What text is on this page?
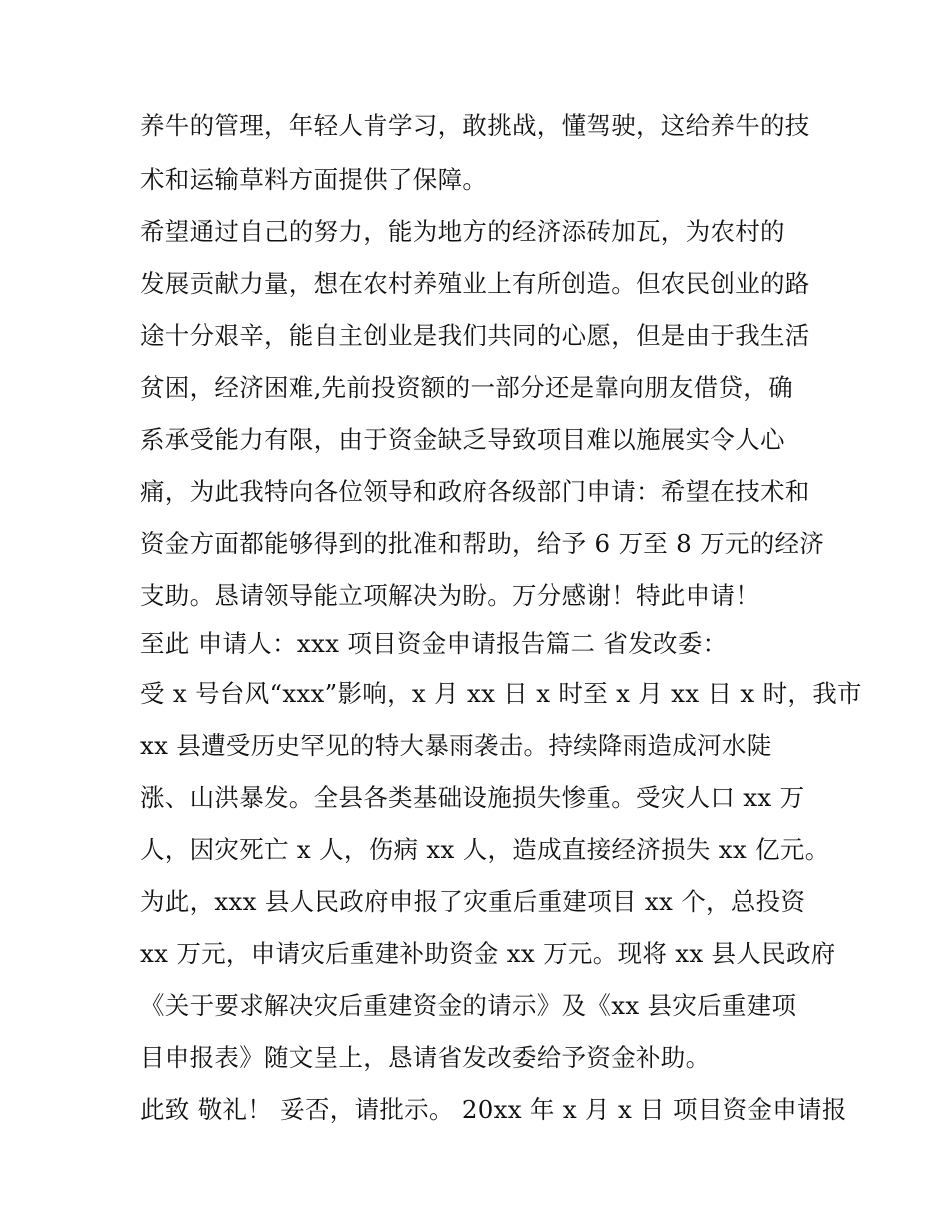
养牛的管理，年轻人肯学习，敢挑战，懂驾驶，这给养牛的技
术和运输草料方面提供了保障。
希望通过自己的努力，能为地方的经济添砖加瓦，为农村的
发展贡献力量，想在农村养殖业上有所创造。但农民创业的路
途十分艰辛，能自主创业是我们共同的心愿，但是由于我生活
贫困，经济困难,先前投资额的一部分还是靠向朋友借贷，确
系承受能力有限，由于资金缺乏导致项目难以施展实令人心
痛，为此我特向各位领导和政府各级部门申请：希望在技术和
资金方面都能够得到的批准和帮助，给予 6 万至 8 万元的经济
支助。恳请领导能立项解决为盼。万分感谢！特此申请！
至此 申请人：xxx 项目资金申请报告篇二 省发改委：
受 x 号台风“xxx”影响，x 月 xx 日 x 时至 x 月 xx 日 x 时，我市
xx 县遭受历史罕见的特大暴雨袭击。持续降雨造成河水陡
涨、山洪暴发。全县各类基础设施损失惨重。受灾人口 xx 万
人，因灾死亡 x 人，伤病 xx 人，造成直接经济损失 xx 亿元。
为此，xxx 县人民政府申报了灾重后重建项目 xx 个，总投资
xx 万元，申请灾后重建补助资金 xx 万元。现将 xx 县人民政府
《关于要求解决灾后重建资金的请示》及《xx 县灾后重建项
目申报表》随文呈上，恳请省发改委给予资金补助。
此致 敬礼！ 妥否，请批示。 20xx 年 x 月 x 日 项目资金申请报
